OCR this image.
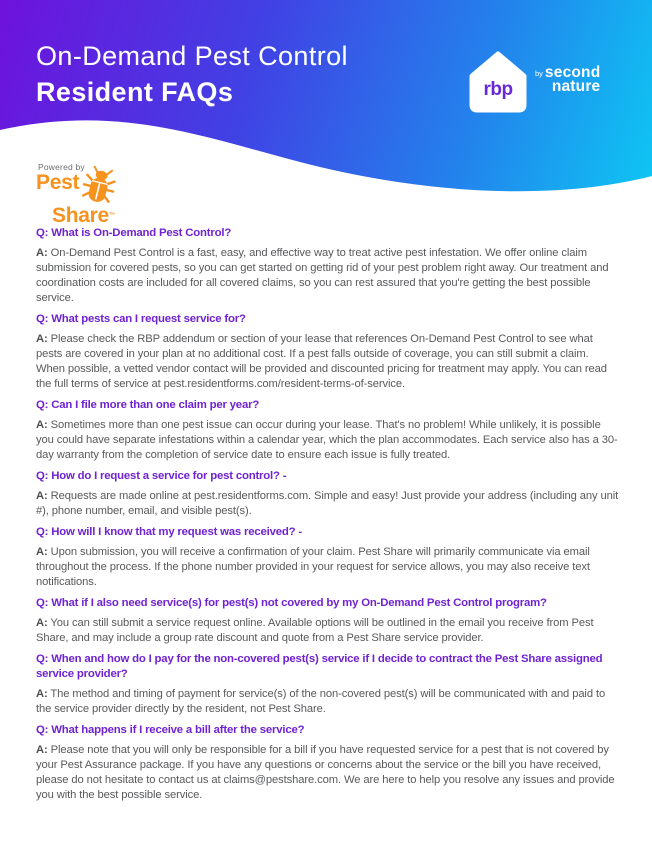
On-Demand Pest Control
Resident FAQs	rbp
by second
nature
Powered by
Pest
Share™
Q: What is On-Demand Pest Control?

A: On-Demand Pest Control is a fast, easy, and effective way to treat active pest infestation. We offer online claim submission for covered pests, so you can get started on getting rid of your pest problem right away. Our treatment and coordination costs are included for all covered claims, so you can rest assured that you're getting the best possible service.

Q: What pests can I request service for?

A: Please check the RBP addendum or section of your lease that references On-Demand Pest Control to see what pests are covered in your plan at no additional cost. If a pest falls outside of coverage, you can still submit a claim. When possible, a vetted vendor contact will be provided and discounted pricing for treatment may apply. You can read the full terms of service at pest.residentforms.com/resident-terms-of-service.

Q: Can I file more than one claim per year?

A: Sometimes more than one pest issue can occur during your lease. That's no problem! While unlikely, it is possible you could have separate infestations within a calendar year, which the plan accommodates. Each service also has a 30-day warranty from the completion of service date to ensure each issue is fully treated.

Q: How do I request a service for pest control? -

A: Requests are made online at pest.residentforms.com. Simple and easy! Just provide your address (including any unit #), phone number, email, and visible pest(s).

Q: How will I know that my request was received? -

A: Upon submission, you will receive a confirmation of your claim. Pest Share will primarily communicate via email throughout the process. If the phone number provided in your request for service allows, you may also receive text notifications.

Q: What if I also need service(s) for pest(s) not covered by my On-Demand Pest Control program?

A: You can still submit a service request online. Available options will be outlined in the email you receive from Pest Share, and may include a group rate discount and quote from a Pest Share service provider.

Q: When and how do I pay for the non-covered pest(s) service if I decide to contract the Pest Share assigned service provider?

A: The method and timing of payment for service(s) of the non-covered pest(s) will be communicated with and paid to the service provider directly by the resident, not Pest Share.

Q: What happens if I receive a bill after the service?

A: Please note that you will only be responsible for a bill if you have requested service for a pest that is not covered by your Pest Assurance package. If you have any questions or concerns about the service or the bill you have received, please do not hesitate to contact us at claims@pestshare.com. We are here to help you resolve any issues and provide you with the best possible service.
